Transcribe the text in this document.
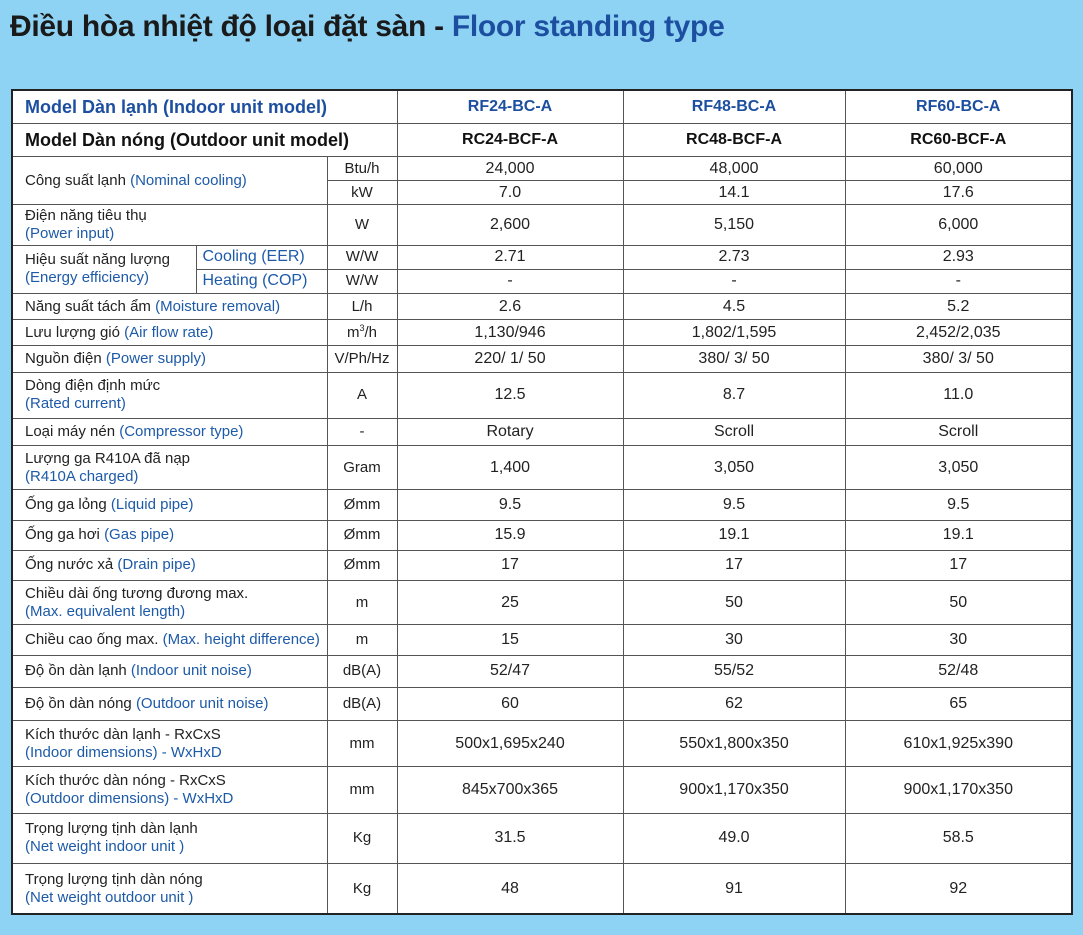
Điều hòa nhiệt độ loại đặt sàn - Floor standing type
Model Dàn lạnh (Indoor unit model)			RF24-BC-A	RF48-BC-A	RF60-BC-A
Model Dàn nóng (Outdoor unit model)			RC24-BCF-A	RC48-BCF-A	RC60-BCF-A
Công suất lạnh (Nominal cooling)		Btu/h	24,000	48,000	60,000
		kW	7.0	14.1	17.6
Điện năng tiêu thụ
(Power input)		W	2,600	5,150	6,000
Hiệu suất năng lượng
(Energy efficiency)	Cooling (EER)	W/W	2.71	2.73	2.93
	Heating (COP)	W/W	-	-	-
Năng suất tách ẩm (Moisture removal)		L/h	2.6	4.5	5.2
Lưu lượng gió (Air flow rate)		$m^3/h$	1,130/946	1,802/1,595	2,452/2,035
Nguồn điện (Power supply)		V/Ph/Hz	220/ 1/ 50	380/ 3/ 50	380/ 3/ 50
Dòng điện định mức
(Rated current)		A	12.5	8.7	11.0
Loại máy nén (Compressor type)		-	Rotary	Scroll	Scroll
Lượng ga R410A đã nạp
(R410A charged)		Gram	1,400	3,050	3,050
Ống ga lỏng (Liquid pipe)		Ømm	9.5	9.5	9.5
Ống ga hơi (Gas pipe)		Ømm	15.9	19.1	19.1
Ống nước xả (Drain pipe)		Ømm	17	17	17
Chiều dài ống tương đương max.
(Max. equivalent length)		m	25	50	50
Chiều cao ống max. (Max. height difference)		m	15	30	30
Độ ồn dàn lạnh (Indoor unit noise)		dB(A)	52/47	55/52	52/48
Độ ồn dàn nóng (Outdoor unit noise)		dB(A)	60	62	65
Kích thước dàn lạnh - RxCxS
(Indoor dimensions) - WxHxD		mm	500x1,695x240	550x1,800x350	610x1,925x390
Kích thước dàn nóng - RxCxS
(Outdoor dimensions) - WxHxD		mm	845x700x365	900x1,170x350	900x1,170x350
Trọng lượng tịnh dàn lạnh
(Net weight indoor unit )		Kg	31.5	49.0	58.5
Trọng lượng tịnh dàn nóng
(Net weight outdoor unit )		Kg	48	91	92
